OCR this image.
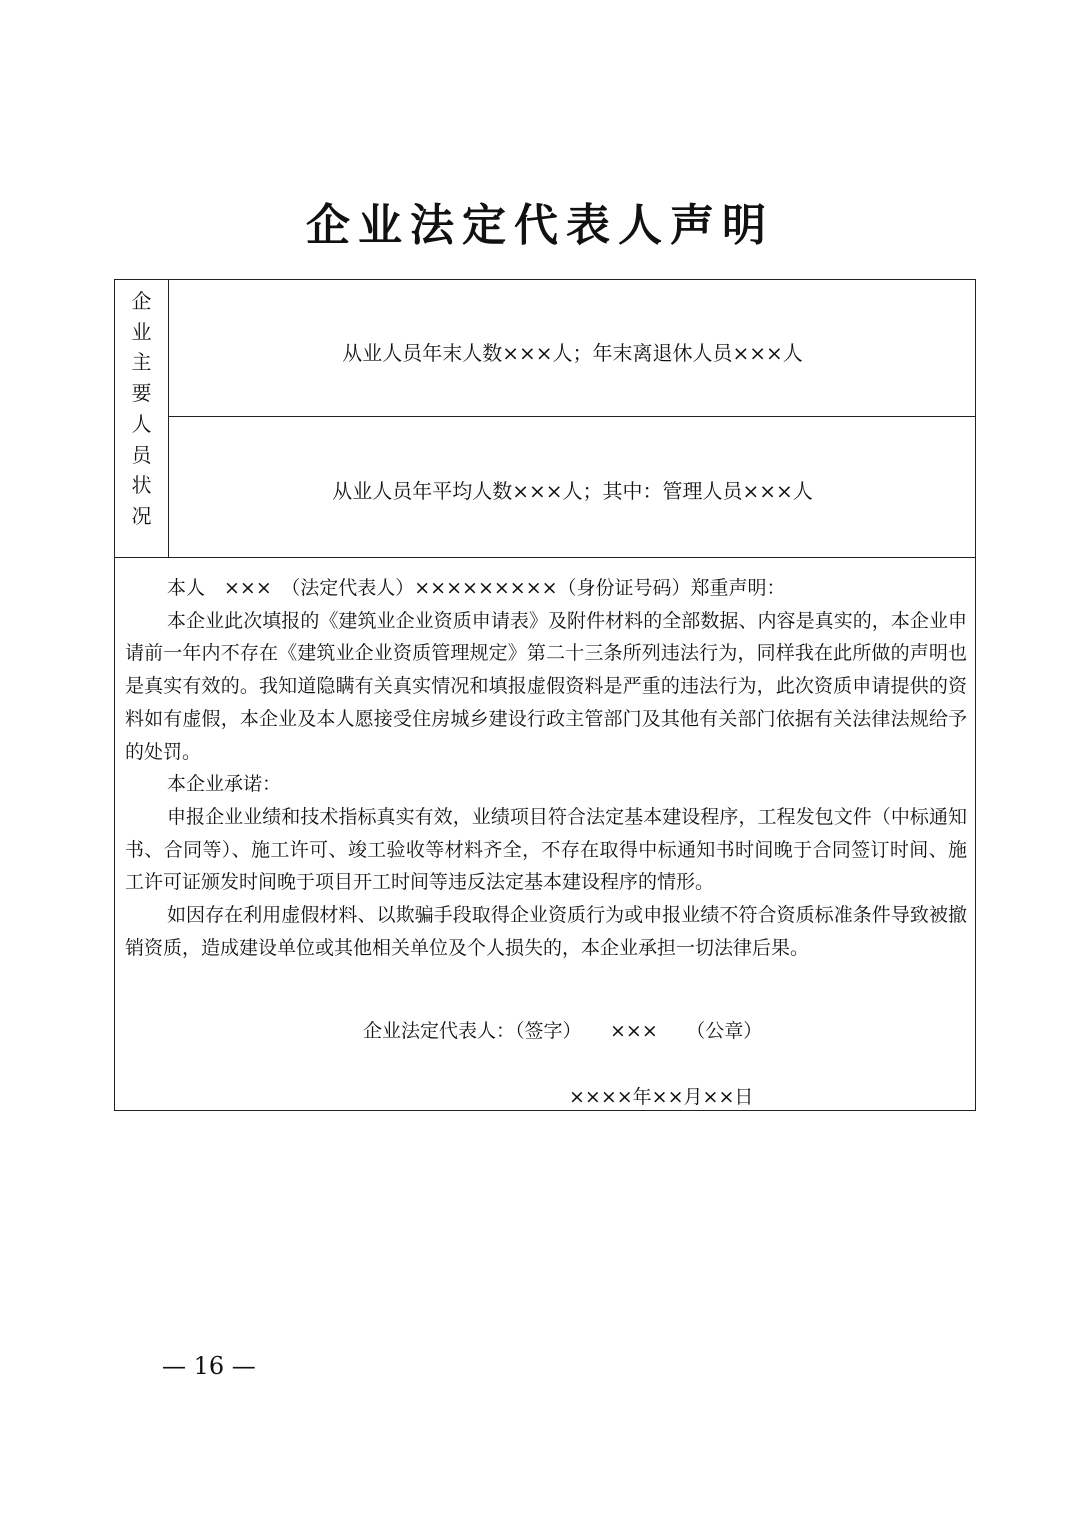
企业法定代表人声明
企
业
主
要
人
员
状
况
从业人员年末人数×××人；年末离退休人员×××人
从业人员年平均人数×××人；其中：管理人员×××人

本人　×××　（法定代表人）×××××××××（身份证号码）郑重声明：

本企业此次填报的《建筑业企业资质申请表》及附件材料的全部数据、内容是真实的，本企业申请前一年内不存在《建筑业企业资质管理规定》第二十三条所列违法行为，同样我在此所做的声明也是真实有效的。我知道隐瞒有关真实情况和填报虚假资料是严重的违法行为，此次资质申请提供的资料如有虚假，本企业及本人愿接受住房城乡建设行政主管部门及其他有关部门依据有关法律法规给予的处罚。

本企业承诺：

申报企业业绩和技术指标真实有效，业绩项目符合法定基本建设程序，工程发包文件（中标通知书、合同等）、施工许可、竣工验收等材料齐全，不存在取得中标通知书时间晚于合同签订时间、施工许可证颁发时间晚于项目开工时间等违反法定基本建设程序的情形。

如因存在利用虚假材料、以欺骗手段取得企业资质行为或申报业绩不符合资质标准条件导致被撤销资质，造成建设单位或其他相关单位及个人损失的，本企业承担一切法律后果。

企业法定代表人：（签字）　　×××　　（公章）
××××年××月××日
— 16 —
